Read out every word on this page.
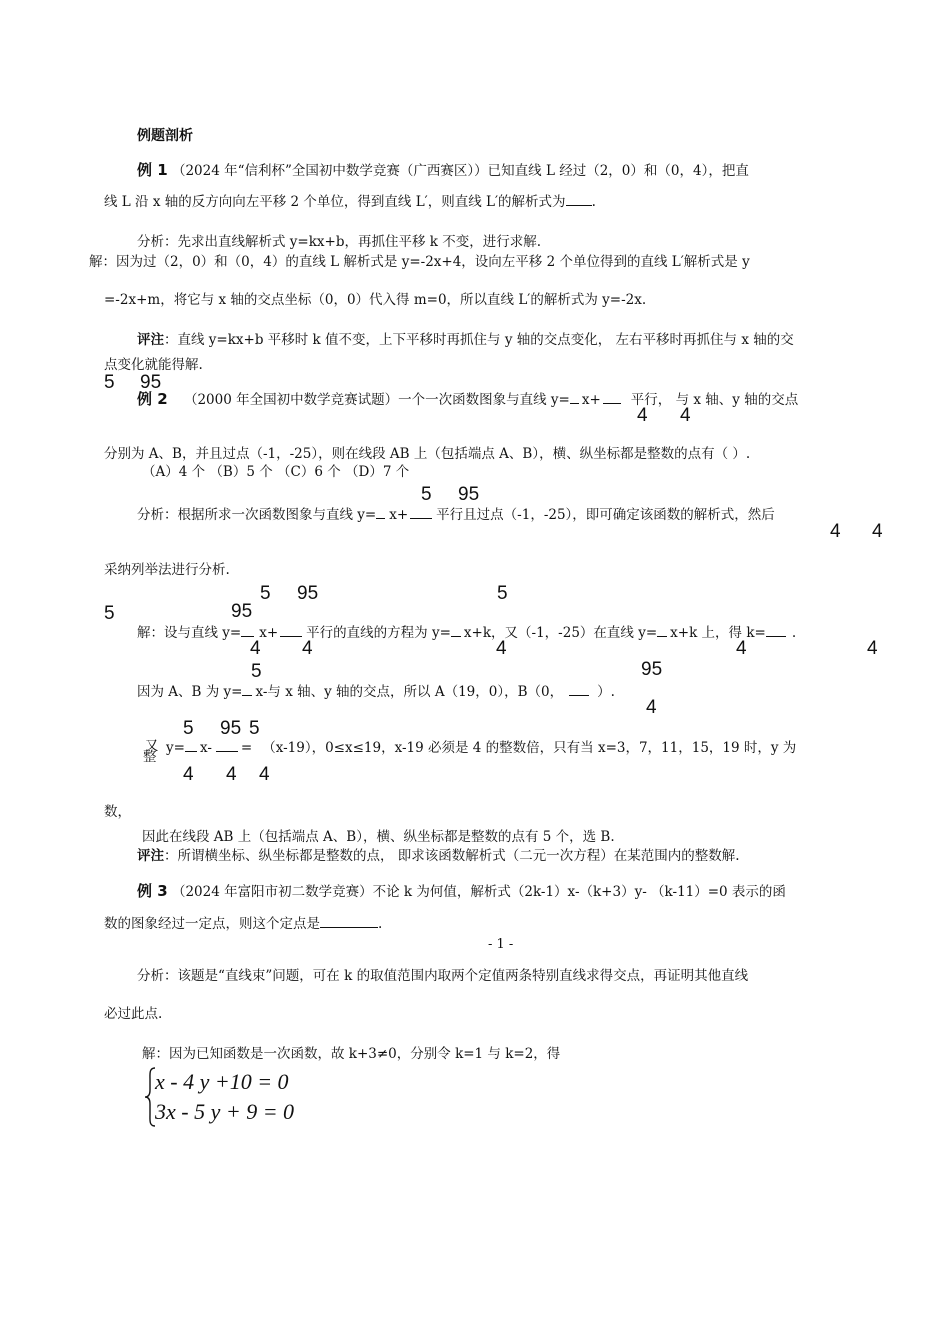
例题剖析
例 1 （2024 年“信利杯”全国初中数学竞赛（广西赛区））已知直线 L 经过（2，0）和（0，4），把直
线 L 沿 x 轴的反方向向左平移 2 个单位，得到直线 L′，则直线 L′的解析式为 .
分析：先求出直线解析式 y=kx+b，再抓住平移 k 不变，进行求解.
解：因为过（2，0）和（0，4）的直线 L 解析式是 y=-2x+4，设向左平移 2 个单位得到的直线 L′解析式是 y
=-2x+m，将它与 x 轴的交点坐标（0，0）代入得 m=0，所以直线 L′的解析式为 y=-2x.
评注：直线 y=kx+b 平移时 k 值不变，上下平移时再抓住与 y 轴的交点变化， 左右平移时再抓住与 x 轴的交
点变化就能得解.
5 95
例 2 （2000 年全国初中数学竞赛试题）一个一次函数图象与直线 y= x+ 平行， 与 x 轴、y 轴的交点
4 4
分别为 A、B，并且过点（-1，-25），则在线段 AB 上（包括端点 A、B），横、纵坐标都是整数的点有（ ）.
（A）4 个 （B）5 个 （C）6 个 （D）7 个
5 95
分析：根据所求一次函数图象与直线 y= x+ 平行且过点（-1，-25），即可确定该函数的解析式，然后
4 4
采纳列举法进行分析.
5 95	5
5	95
解：设与直线 y= x+ 平行的直线的方程为 y= x+k，又（-1，-25）在直线 y= x+k 上，得 k= .
4 4	4	4	4
5	95
因为 A、B 为 y= x-与 x 轴、y 轴的交点，所以 A（19，0），B（0，	）.
4
5 95 5
又
整
y= x- = （x-19），0≤x≤19，x-19 必须是 4 的整数倍，只有当 x=3，7，11，15，19 时，y 为
4 4 4
数，
因此在线段 AB 上（包括端点 A、B），横、纵坐标都是整数的点有 5 个，选 B.
评注：所谓横坐标、纵坐标都是整数的点， 即求该函数解析式（二元一次方程）在某范围内的整数解.
例 3 （2024 年富阳市初二数学竞赛）不论 k 为何值，解析式（2k-1）x-（k+3）y- （k-11）=0 表示的函
数的图象经过一定点，则这个定点是	.
- 1 -
分析：该题是“直线束”问题，可在 k 的取值范围内取两个定值两条特别直线求得交点，再证明其他直线
必过此点.
解：因为已知函数是一次函数，故 k+3≠0，分别令 k=1 与 k=2，得
x - 4 y +10 = 0
3x - 5 y + 9 = 0
